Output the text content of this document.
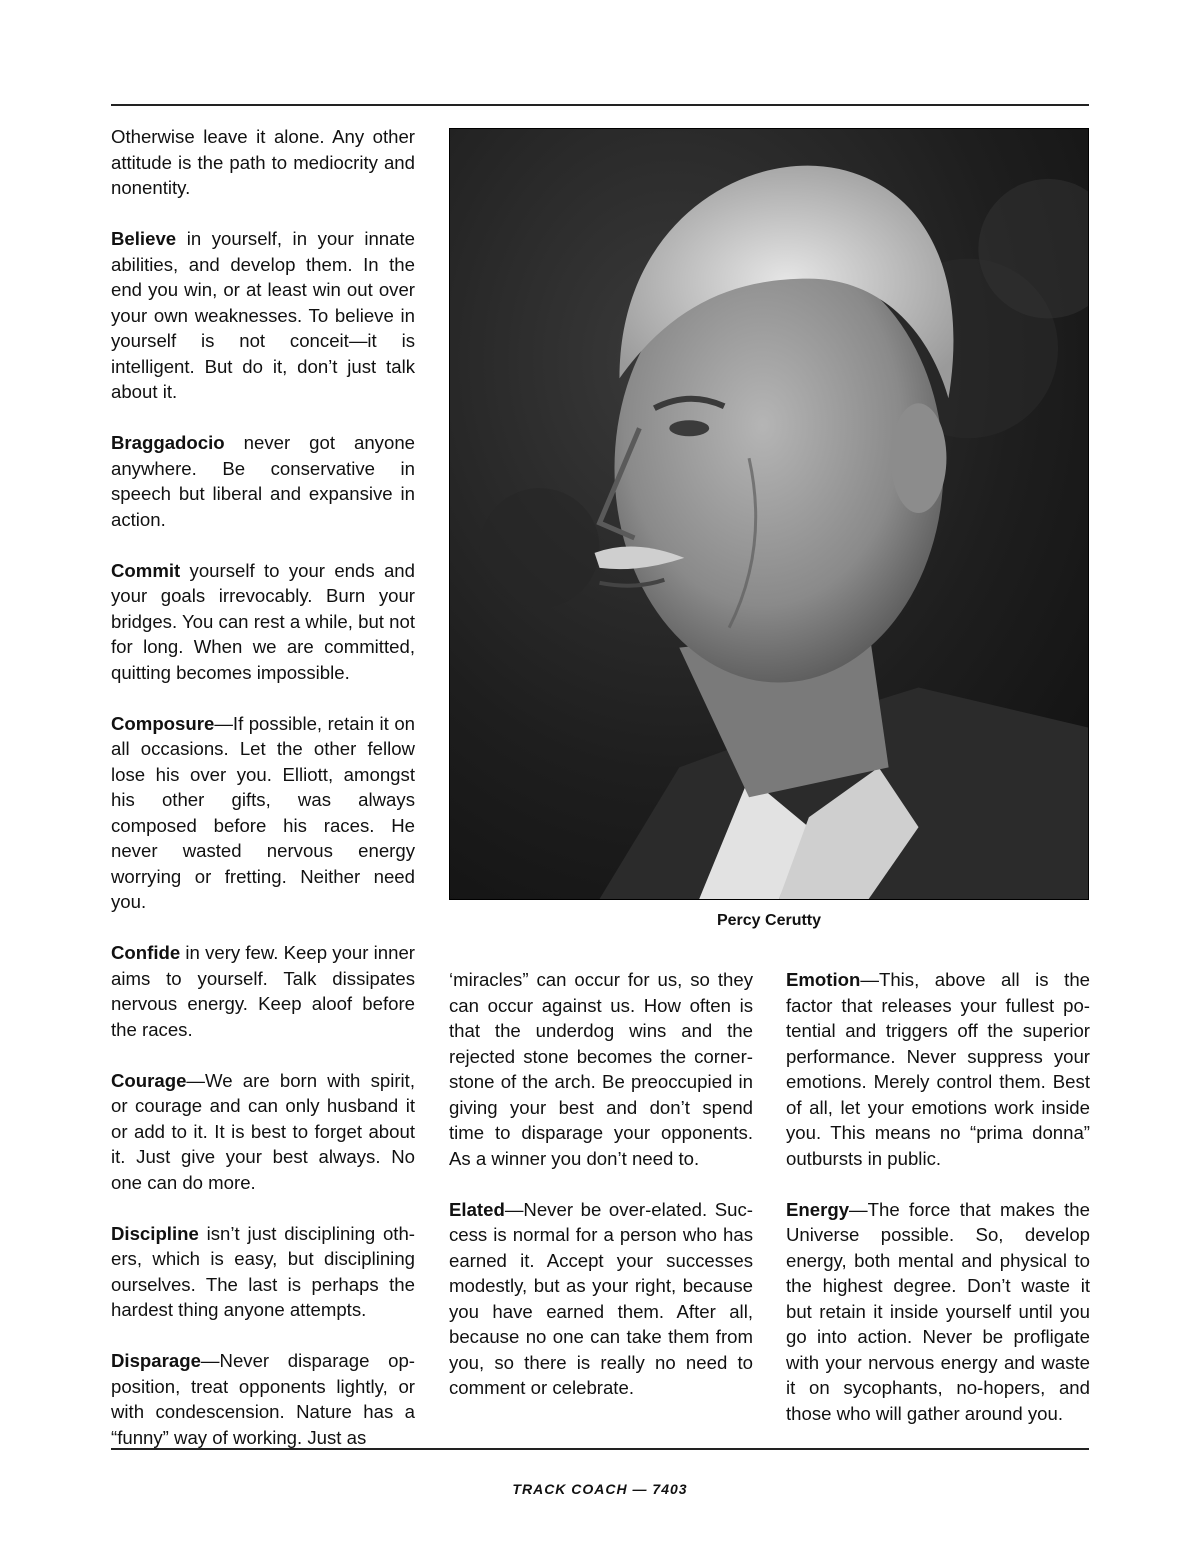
Otherwise leave it alone. Any other attitude is the path to mediocrity and nonentity.

Believe in yourself, in your innate abilities, and develop them. In the end you win, or at least win out over your own weaknesses. To believe in yourself is not conceit—it is intelligent. But do it, don’t just talk about it.

Braggadocio never got anyone anywhere. Be conservative in speech but liberal and expansive in action.

Commit yourself to your ends and your goals irrevocably. Burn your bridges. You can rest a while, but not for long. When we are committed, quitting becomes impossible.

Composure—If possible, retain it on all occasions. Let the other fellow lose his over you. Elliott, amongst his other gifts, was always composed before his races. He never wasted nervous energy worrying or fretting. Neither need you.

Confide in very few. Keep your inner aims to yourself. Talk dissipates nervous energy. Keep aloof before the races.

Courage—We are born with spirit, or courage and can only husband it or add to it. It is best to forget about it. Just give your best always. No one can do more.

Discipline isn’t just disciplining others, which is easy, but disciplining ourselves. The last is perhaps the hardest thing anyone attempts.

Disparage—Never disparage opposition, treat opponents lightly, or with condescension. Nature has a “funny” way of working. Just as

Percy Cerutty

‘miracles” can occur for us, so they can occur against us. How often is that the underdog wins and the rejected stone becomes the cornerstone of the arch. Be preoccupied in giving your best and don’t spend time to disparage your opponents. As a winner you don’t need to.

Elated—Never be over-elated. Success is normal for a person who has earned it. Accept your successes modestly, but as your right, because you have earned them. After all, because no one can take them from you, so there is really no need to comment or celebrate.

Emotion—This, above all is the factor that releases your fullest potential and triggers off the superior performance. Never suppress your emotions. Merely control them. Best of all, let your emotions work inside you. This means no “prima donna” outbursts in public.

Energy—The force that makes the Universe possible. So, develop energy, both mental and physical to the highest degree. Don’t waste it but retain it inside yourself until you go into action. Never be profligate with your nervous energy and waste it on sycophants, no-hopers, and those who will gather around you.

TRACK COACH — 7403
